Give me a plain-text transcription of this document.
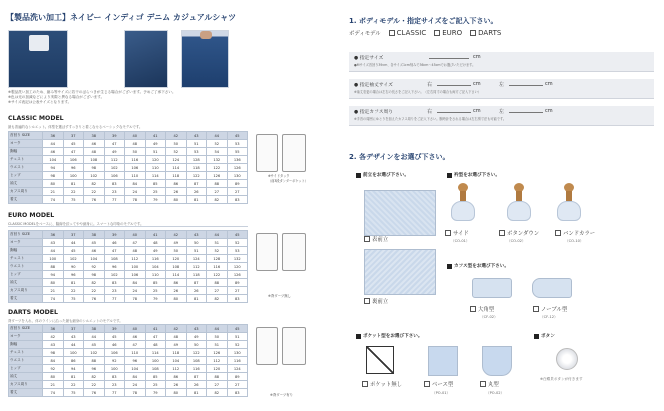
【製品洗い加工】ネイビー インディゴ デニム カジュアルシャツ
※製品洗い加工のため、縮み等サイズに若干のばらつきが生じる場合がございます。予めご了承下さい。
※色は光の加減などにより実際と異なる場合がございます。
※サイズ表記は公表サイズとなります。
CLASSIC MODEL
最も普遍的なシルエット。体型を選ばずすっきりと着こなせるベーシックなモデルです。
首回り SIZE	36	37	38	39	40	41	42	43	44	45
ヨーク	44	45	46	47	48	49	50	51	52	53
胸幅	46	47	48	49	50	51	52	53	54	55
チェスト	104	106	108	112	116	120	124	128	132	136
ウエスト	94	96	98	102	106	110	114	118	122	126
ヒップ	98	100	102	106	110	114	118	122	126	130
袖丈	80	81	82	83	84	85	86	87	88	89
カフス周り	21	22	22	23	24	25	26	26	27	27
着丈	74	75	76	77	78	79	80	81	82	83
※サイドタック
（前3段タンダーポケット）
EURO MODEL
CLASSIC MODELをベースに、脇線を絞ってやや細身に。スマートな印象のモデルです。
首回り SIZE	36	37	38	39	40	41	42	43	44	45
ヨーク	43	44	45	46	47	48	49	50	51	52
胸幅	44	45	46	47	48	49	50	51	52	53
チェスト	100	102	104	108	112	116	120	124	128	132
ウエスト	88	90	92	96	100	104	108	112	116	120
ヒップ	94	96	98	102	106	110	114	118	122	126
袖丈	80	81	82	83	84	85	86	87	88	89
カフス周り	21	22	22	23	24	25	26	26	27	27
着丈	74	75	76	77	78	79	80	81	82	83
※背ダーツ無し
DARTS MODEL
背ダーツを入れ、体のラインに沿った最も細身のシルエットのモデルです。
首回り SIZE	36	37	38	39	40	41	42	43	44	45
ヨーク	42	43	44	45	46	47	48	49	50	51
胸幅	43	44	45	46	47	48	49	50	51	52
チェスト	98	100	102	106	110	114	118	122	126	130
ウエスト	84	86	88	92	96	100	104	108	112	116
ヒップ	92	94	96	100	104	108	112	116	120	124
袖丈	80	81	82	83	84	85	86	87	88	89
カフス周り	21	22	22	23	24	25	26	26	27	27
着丈	74	75	76	77	78	79	80	81	82	83
※背ダーツ有り
1. ボディモデル・指定サイズをご記入下さい。
ボディモデル CLASSIC EURO DARTS
● 指定サイズ	cm
●Mサイズ首回り39cm、各サイズ1cm刻みで36cm〜45cmでお選びいただけます。
● 指定袖丈サイズ	右	cm	左	cm
※袖丈変更の場合は左右の長さをご記入下さい。（左右同寸の場合も両方ご記入下さい）
● 指定カフス周り	右	cm	左	cm
※手首の周囲にゆとりを加えたカフス周りをご記入下さい。腕時計をされる場合は左右別寸法も可能です。
2. 各デザインをお選び下さい。
前立をお選び下さい。
表前立
裏前立
衿型をお選び下さい。
サイド
（CO-01）
ボタンダウン
（CO-02）
バンドカラー
（CO-10）
カフス型をお選び下さい。
大角型
（CF-02）
ノーブル型
（CF-12）
ポケット型をお選び下さい。
ポケット無し	ベース型
（PO-01）
丸型
（PO-02）
ボタン
※白蝶貝ボタンが付きます
